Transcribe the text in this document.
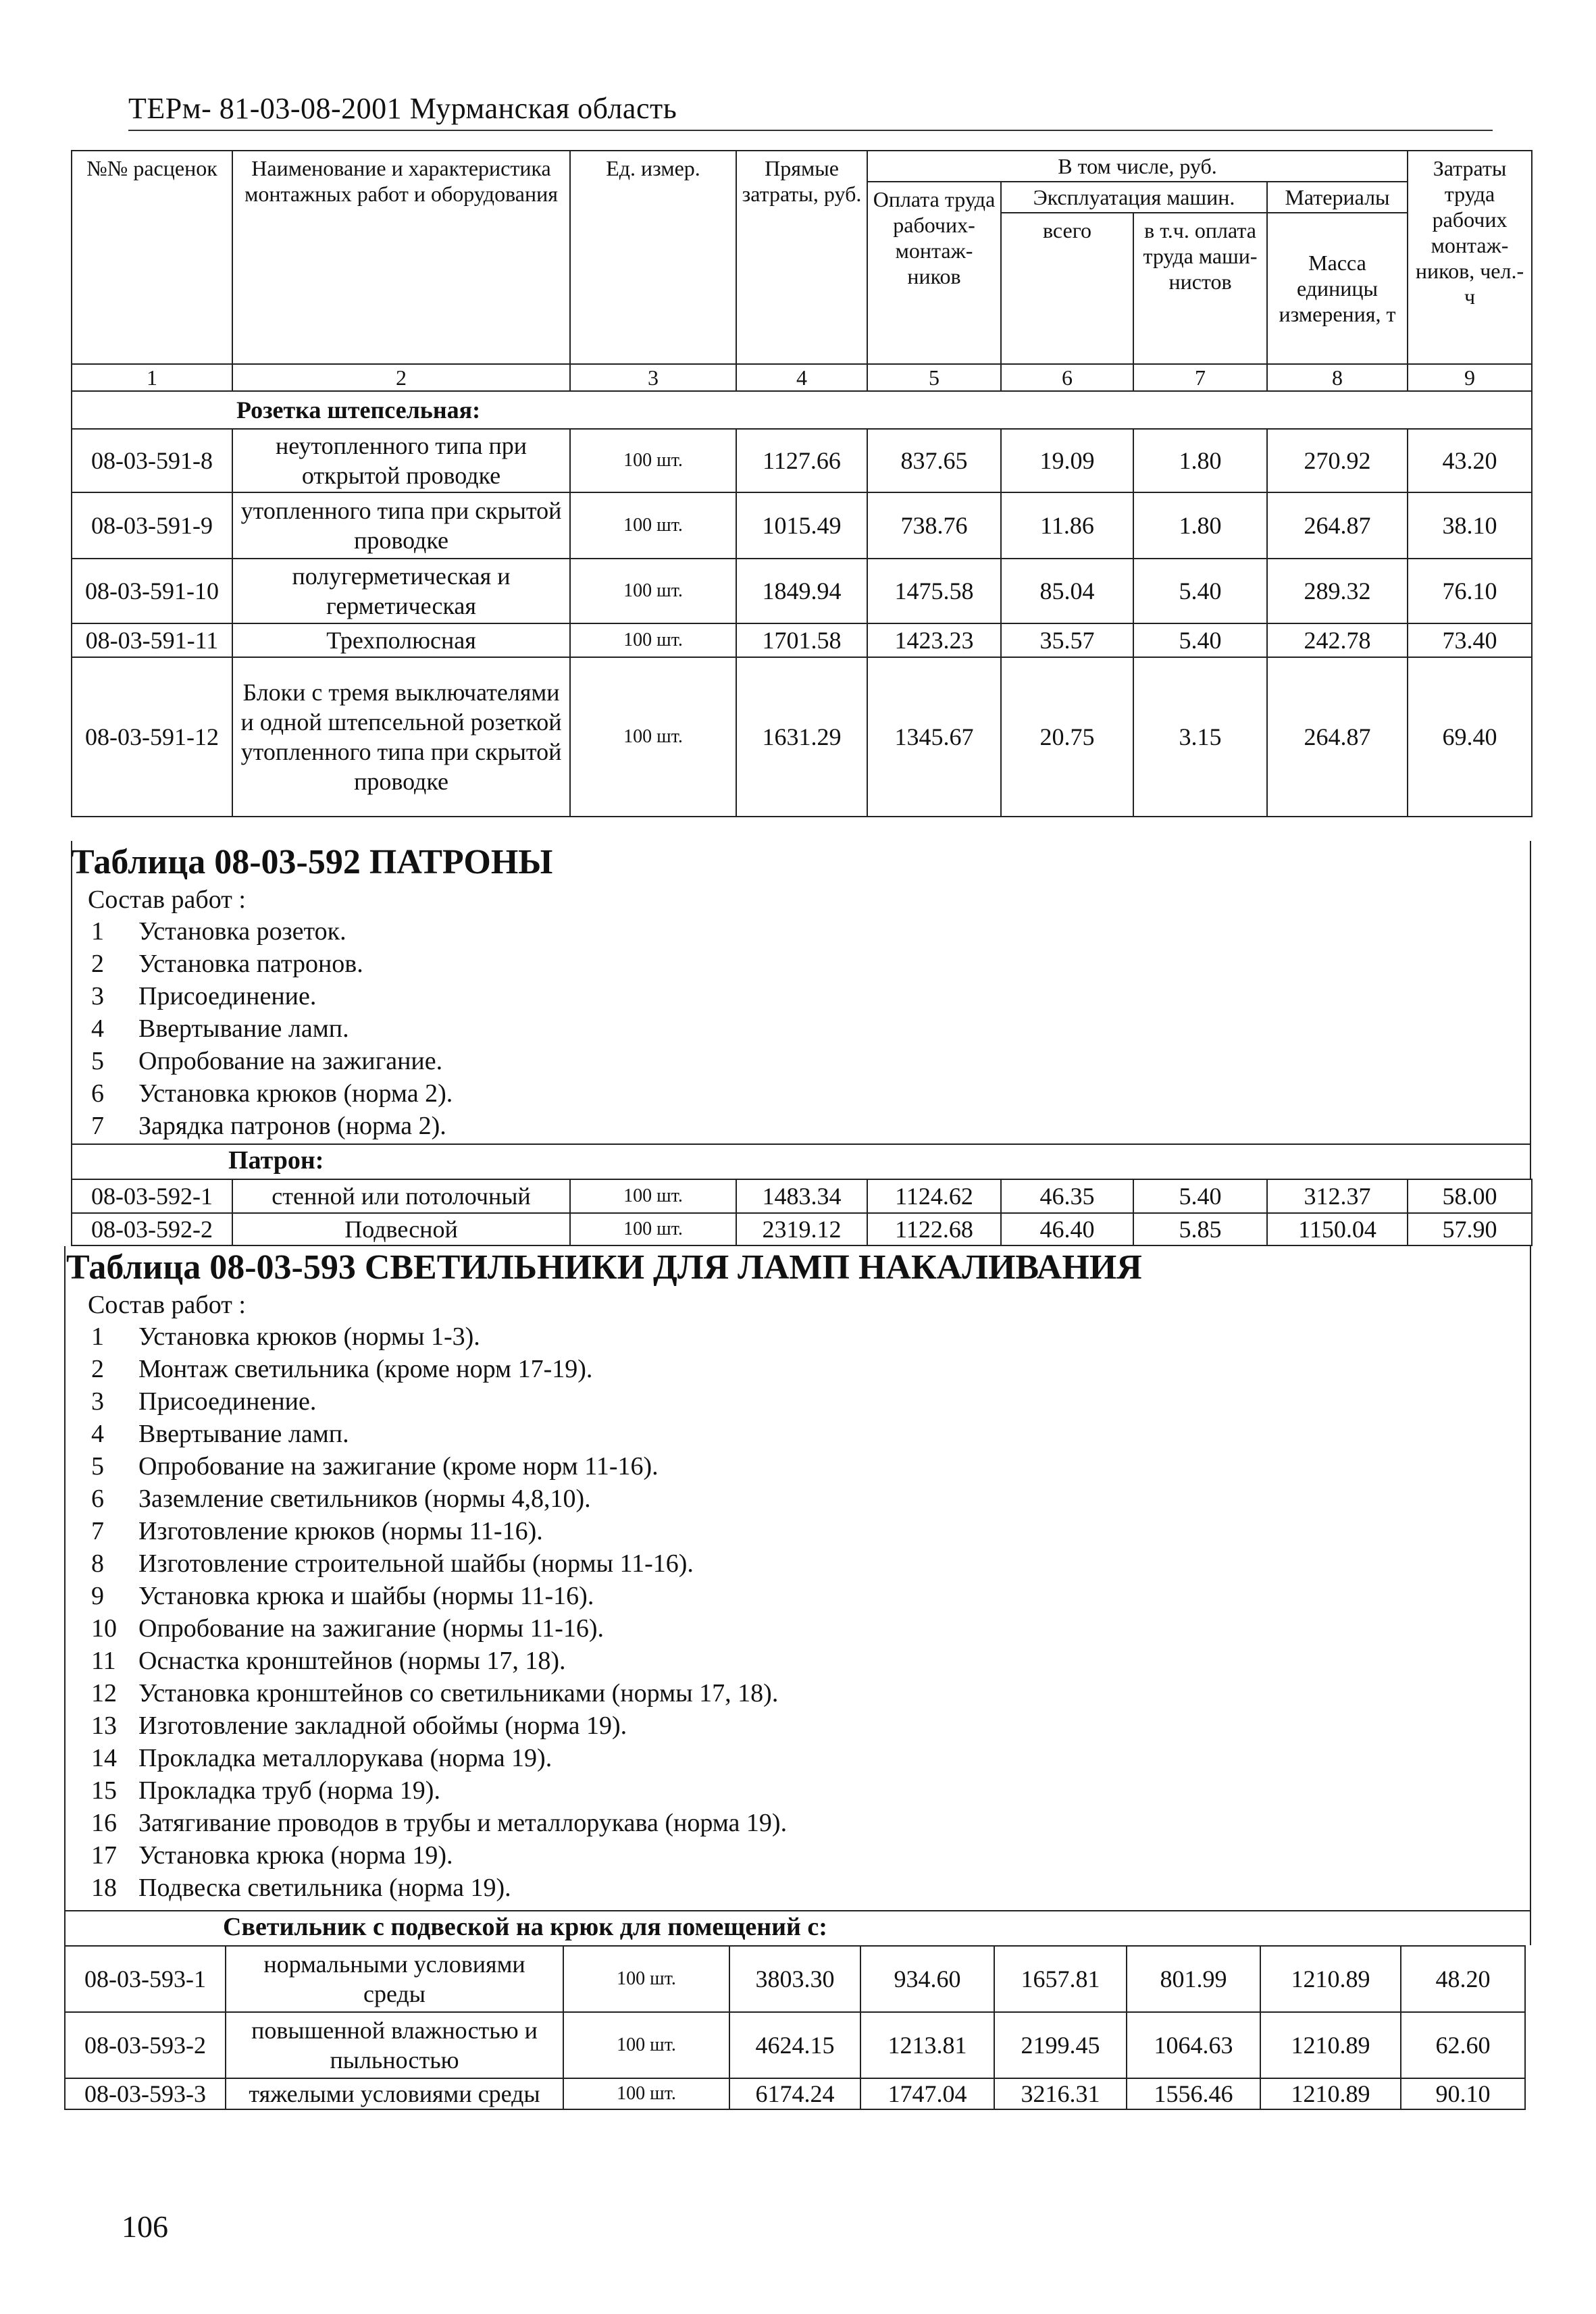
ТЕРм- 81-03-08-2001 Мурманская область
№№ расценок	Наименование и характеристика монтажных работ и оборудования	Ед. измер.	Прямые затраты, руб.	В том числе, руб.				Затраты труда рабочих монтаж-ников, чел.-ч
				Оплата труда рабочих-монтаж-ников	Эксплуатация машин.		Материалы	
					всего	в т.ч. оплата труда маши-нистов	Масса единицы измерения, т	
1	2	3	4	5	6	7	8	9
	Розетка штепсельная:							
08-03-591-8	неутопленного типа при открытой проводке	100 шт.	1127.66	837.65	19.09	1.80	270.92	43.20
08-03-591-9	утопленного типа при скрытой проводке	100 шт.	1015.49	738.76	11.86	1.80	264.87	38.10
08-03-591-10	полугерметическая и герметическая	100 шт.	1849.94	1475.58	85.04	5.40	289.32	76.10
08-03-591-11	Трехполюсная	100 шт.	1701.58	1423.23	35.57	5.40	242.78	73.40
08-03-591-12	Блоки с тремя выключателями и одной штепсельной розеткой утопленного типа при скрытой проводке	100 шт.	1631.29	1345.67	20.75	3.15	264.87	69.40
Таблица 08-03-592 ПАТРОНЫ
Состав работ :
1	Установка розеток.
2	Установка патронов.
3	Присоединение.
4	Ввертывание ламп.
5	Опробование на зажигание.
6	Установка крюков (норма 2).
7	Зарядка патронов (норма 2).
Патрон:
08-03-592-1	стенной или потолочный	100 шт.	1483.34	1124.62	46.35	5.40	312.37	58.00
08-03-592-2	Подвесной	100 шт.	2319.12	1122.68	46.40	5.85	1150.04	57.90
Таблица 08-03-593 СВЕТИЛЬНИКИ ДЛЯ ЛАМП НАКАЛИВАНИЯ
Состав работ :
1	Установка крюков (нормы 1-3).
2	Монтаж светильника (кроме норм 17-19).
3	Присоединение.
4	Ввертывание ламп.
5	Опробование на зажигание (кроме норм 11-16).
6	Заземление светильников (нормы 4,8,10).
7	Изготовление крюков (нормы 11-16).
8	Изготовление строительной шайбы (нормы 11-16).
9	Установка крюка и шайбы (нормы 11-16).
10 Опробование на зажигание (нормы 11-16).
11 Оснастка кронштейнов (нормы 17, 18).
12 Установка кронштейнов со светильниками (нормы 17, 18).
13 Изготовление закладной обоймы (норма 19).
14 Прокладка металлорукава (норма 19).
15 Прокладка труб (норма 19).
16 Затягивание проводов в трубы и металлорукава (норма 19).
17 Установка крюка (норма 19).
18 Подвеска светильника (норма 19).
Светильник с подвеской на крюк для помещений с:
08-03-593-1	нормальными условиями среды	100 шт.	3803.30	934.60	1657.81	801.99	1210.89	48.20
08-03-593-2	повышенной влажностью и пыльностью	100 шт.	4624.15	1213.81	2199.45	1064.63	1210.89	62.60
08-03-593-3	тяжелыми условиями среды	100 шт.	6174.24	1747.04	3216.31	1556.46	1210.89	90.10
106
